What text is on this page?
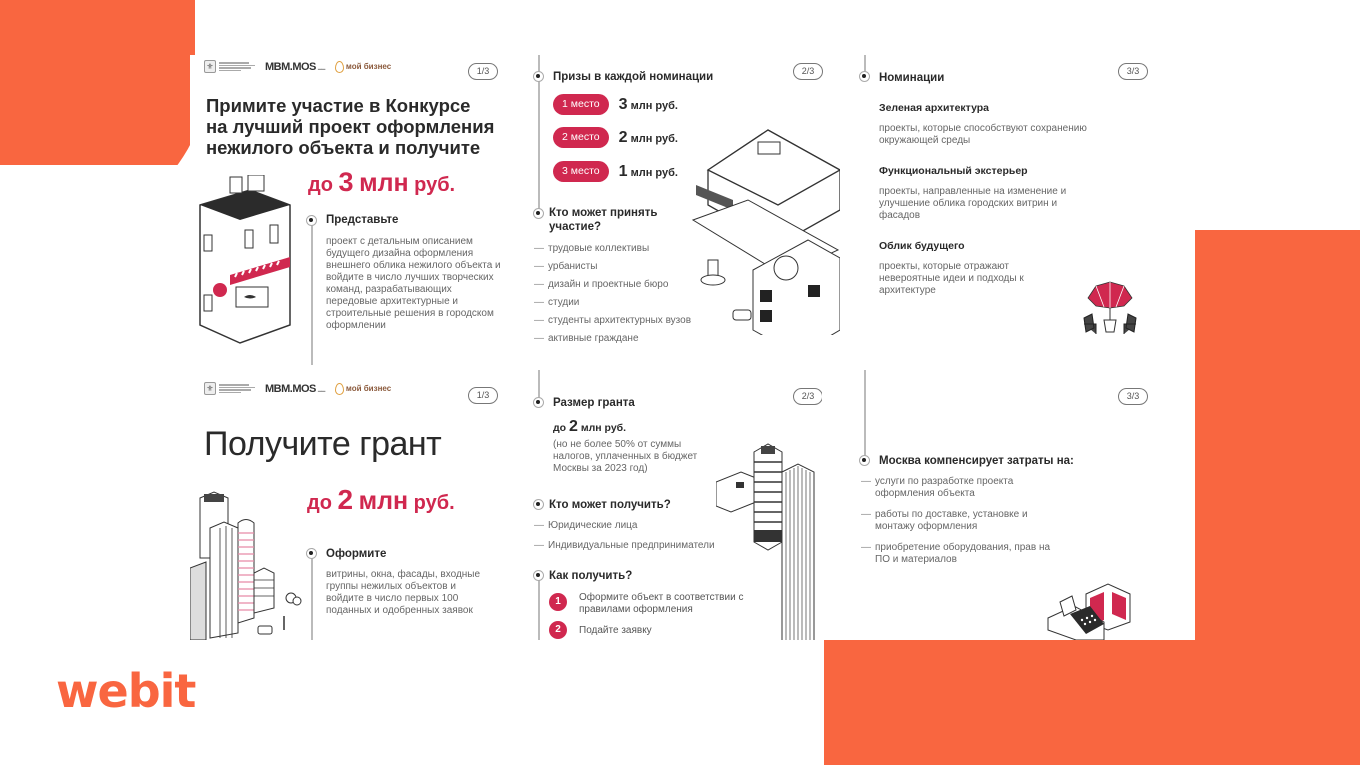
webit
⚜	MBM.MOS ▬▬	мой бизнес	1/3
Примите участие в Конкурсе
на лучший проект оформления
нежилого объекта и получите
до 3 млн руб.
Представьте
проект с детальным описанием будущего дизайна оформления внешнего облика нежилого объекта и войдите в число лучших творческих команд, разрабатывающих передовые архитектурные и строительные решения в городском оформлении
Призы в каждой номинации	2/3
1 место	3 млн руб.
2 место	2 млн руб.
3 место	1 млн руб.
Кто может принять участие?
— трудовые коллективы
— урбанисты
— дизайн и проектные бюро
— студии
— студенты архитектурных вузов
— активные граждане
Номинации
3/3
Зеленая архитектура
проекты, которые способствуют сохранению окружающей среды
Функциональный экстерьер
проекты, направленные на изменение и улучшение облика городских витрин и фасадов
Облик будущего
проекты, которые отражают невероятные идеи и подходы к архитектуре
⚜	MBM.MOS ▬▬	мой бизнес
1/3
Получите грант
до 2 млн руб.
Оформите
витрины, окна, фасады, входные группы нежилых объектов и войдите в число первых 100 поданных и одобренных заявок
Размер гранта
2/3
до 2 млн руб.
(но не более 50% от суммы налогов, уплаченных в бюджет Москвы за 2023 год)
Кто может получить?
— Юридические лица
— Индивидуальные предприниматели
Как получить?
1	Оформите объект в соответствии с правилами оформления
2	Подайте заявку
3/3
Москва компенсирует затраты на:
— услуги по разработке проекта оформления объекта
— работы по доставке, установке и монтажу оформления
— приобретение оборудования, прав на ПО и материалов
